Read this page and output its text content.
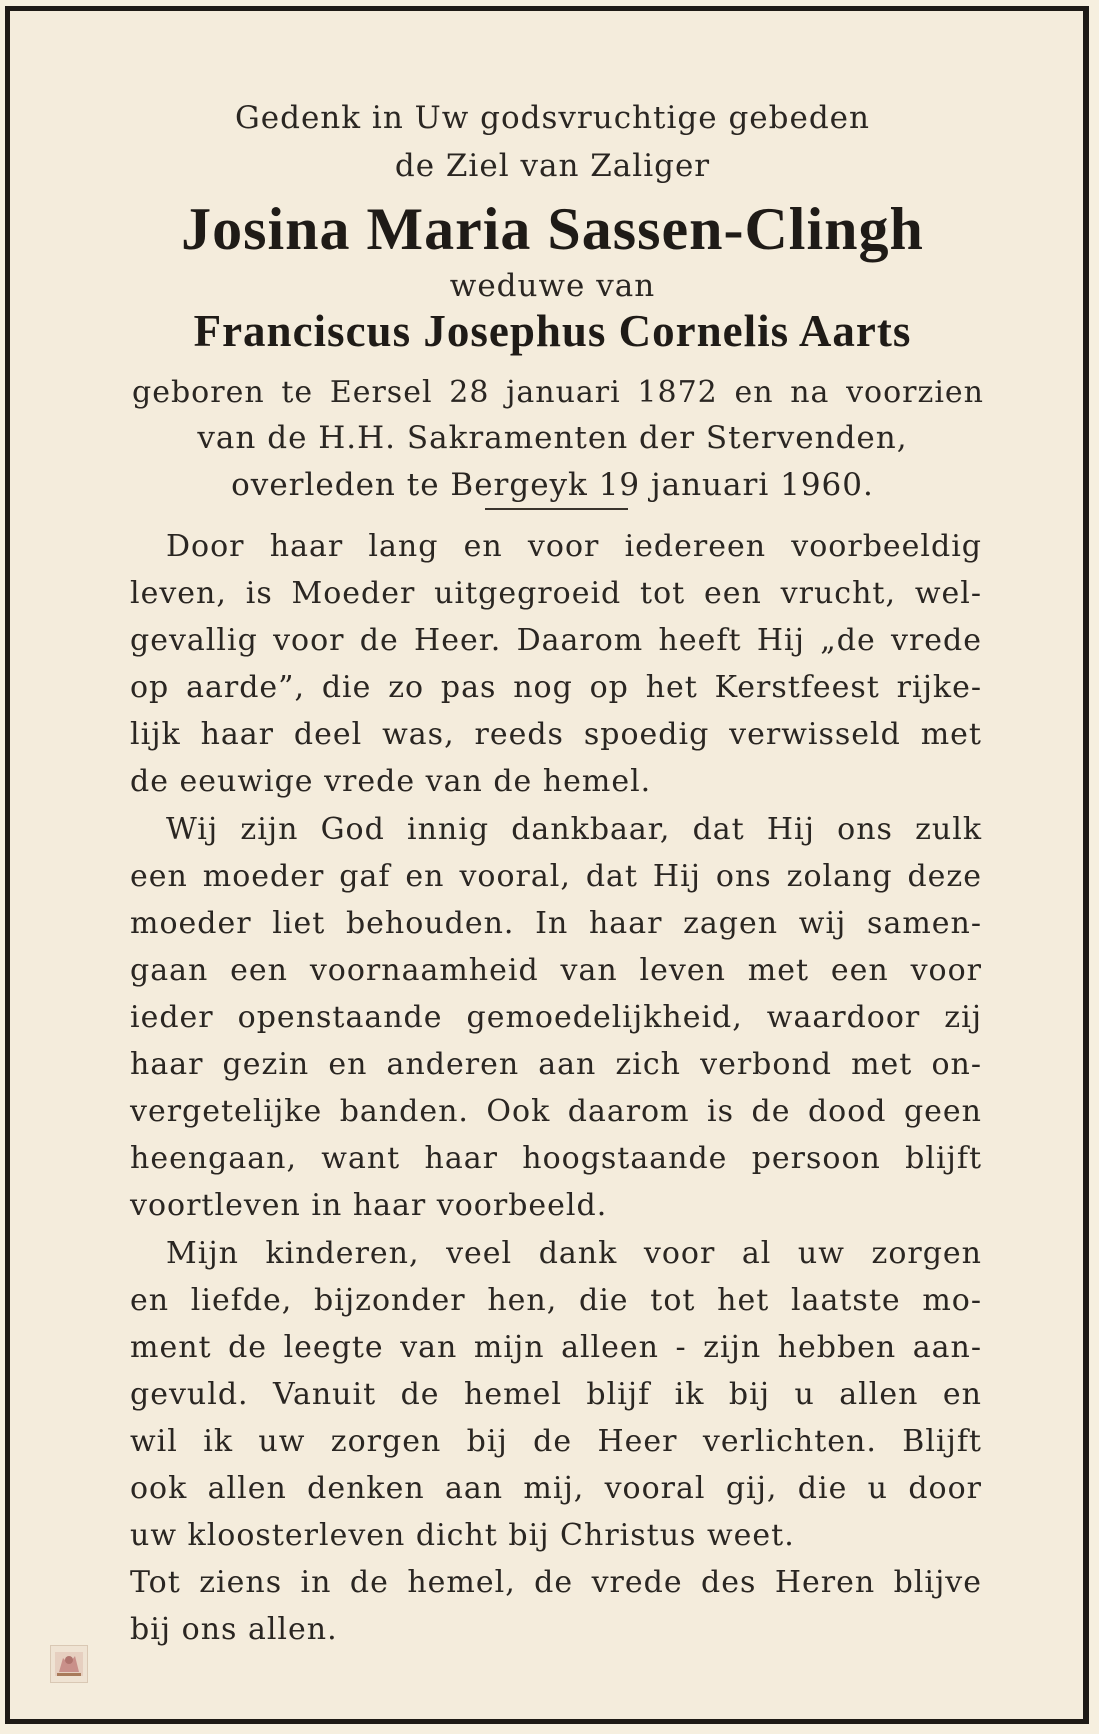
Gedenk in Uw godsvruchtige gebeden
de Ziel van Zaliger
Josina Maria Sassen-Clingh
weduwe van
Franciscus Josephus Cornelis Aarts
geboren te Eersel 28 januari 1872 en na voorzien
van de H.H. Sakramenten der Stervenden,
overleden te Bergeyk 19 januari 1960.
Door haar lang en voor iedereen voorbeeldig
leven, is Moeder uitgegroeid tot een vrucht, wel-
gevallig voor de Heer. Daarom heeft Hij „de vrede
op aarde”, die zo pas nog op het Kerstfeest rijke-
lijk haar deel was, reeds spoedig verwisseld met
de eeuwige vrede van de hemel.
Wij zijn God innig dankbaar, dat Hij ons zulk
een moeder gaf en vooral, dat Hij ons zolang deze
moeder liet behouden. In haar zagen wij samen-
gaan een voornaamheid van leven met een voor
ieder openstaande gemoedelijkheid, waardoor zij
haar gezin en anderen aan zich verbond met on-
vergetelijke banden. Ook daarom is de dood geen
heengaan, want haar hoogstaande persoon blijft
voortleven in haar voorbeeld.
Mijn kinderen, veel dank voor al uw zorgen
en liefde, bijzonder hen, die tot het laatste mo-
ment de leegte van mijn alleen - zijn hebben aan-
gevuld. Vanuit de hemel blijf ik bij u allen en
wil ik uw zorgen bij de Heer verlichten. Blijft
ook allen denken aan mij, vooral gij, die u door
uw kloosterleven dicht bij Christus weet.
Tot ziens in de hemel, de vrede des Heren blijve
bij ons allen.
